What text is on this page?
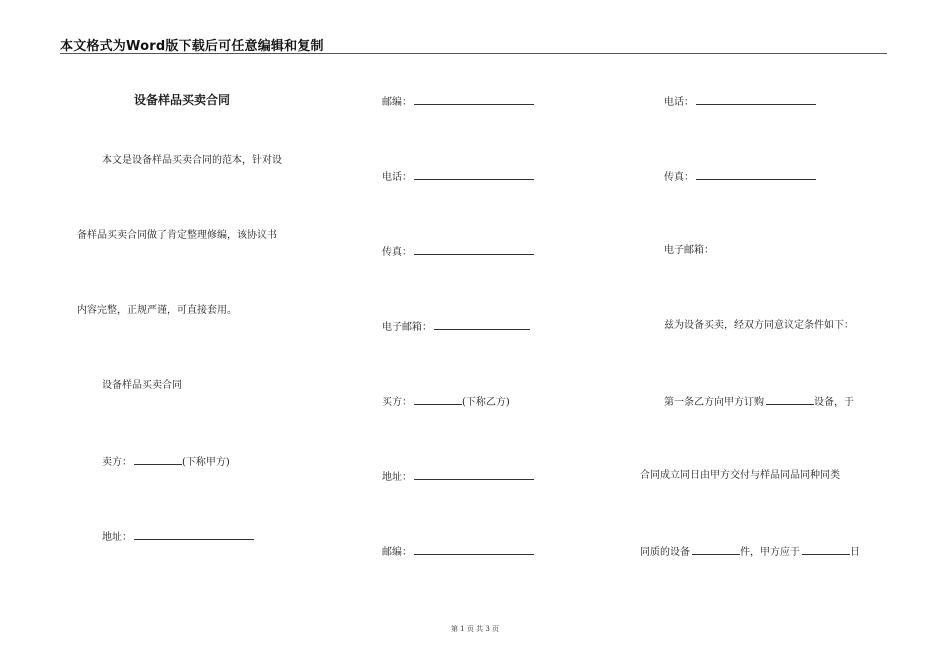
本文格式为Word版下载后可任意编辑和复制
设备样品买卖合同
本文是设备样品买卖合同的范本，针对设
备样品买卖合同做了肯定整理修编，该协议书
内容完整，正规严谨，可直接套用。
设备样品买卖合同
卖方：	(下称甲方)
地址：
邮编：
电话：
传真：
电子邮箱：
买方：	(下称乙方)
地址：
邮编：
电话：
传真：
电子邮箱：
兹为设备买卖，经双方同意议定条件如下：
第一条乙方向甲方订购	设备，于
合同成立同日由甲方交付与样品同品同种同类
同质的设备	件，甲方应于	日
第 1 页 共 3 页
